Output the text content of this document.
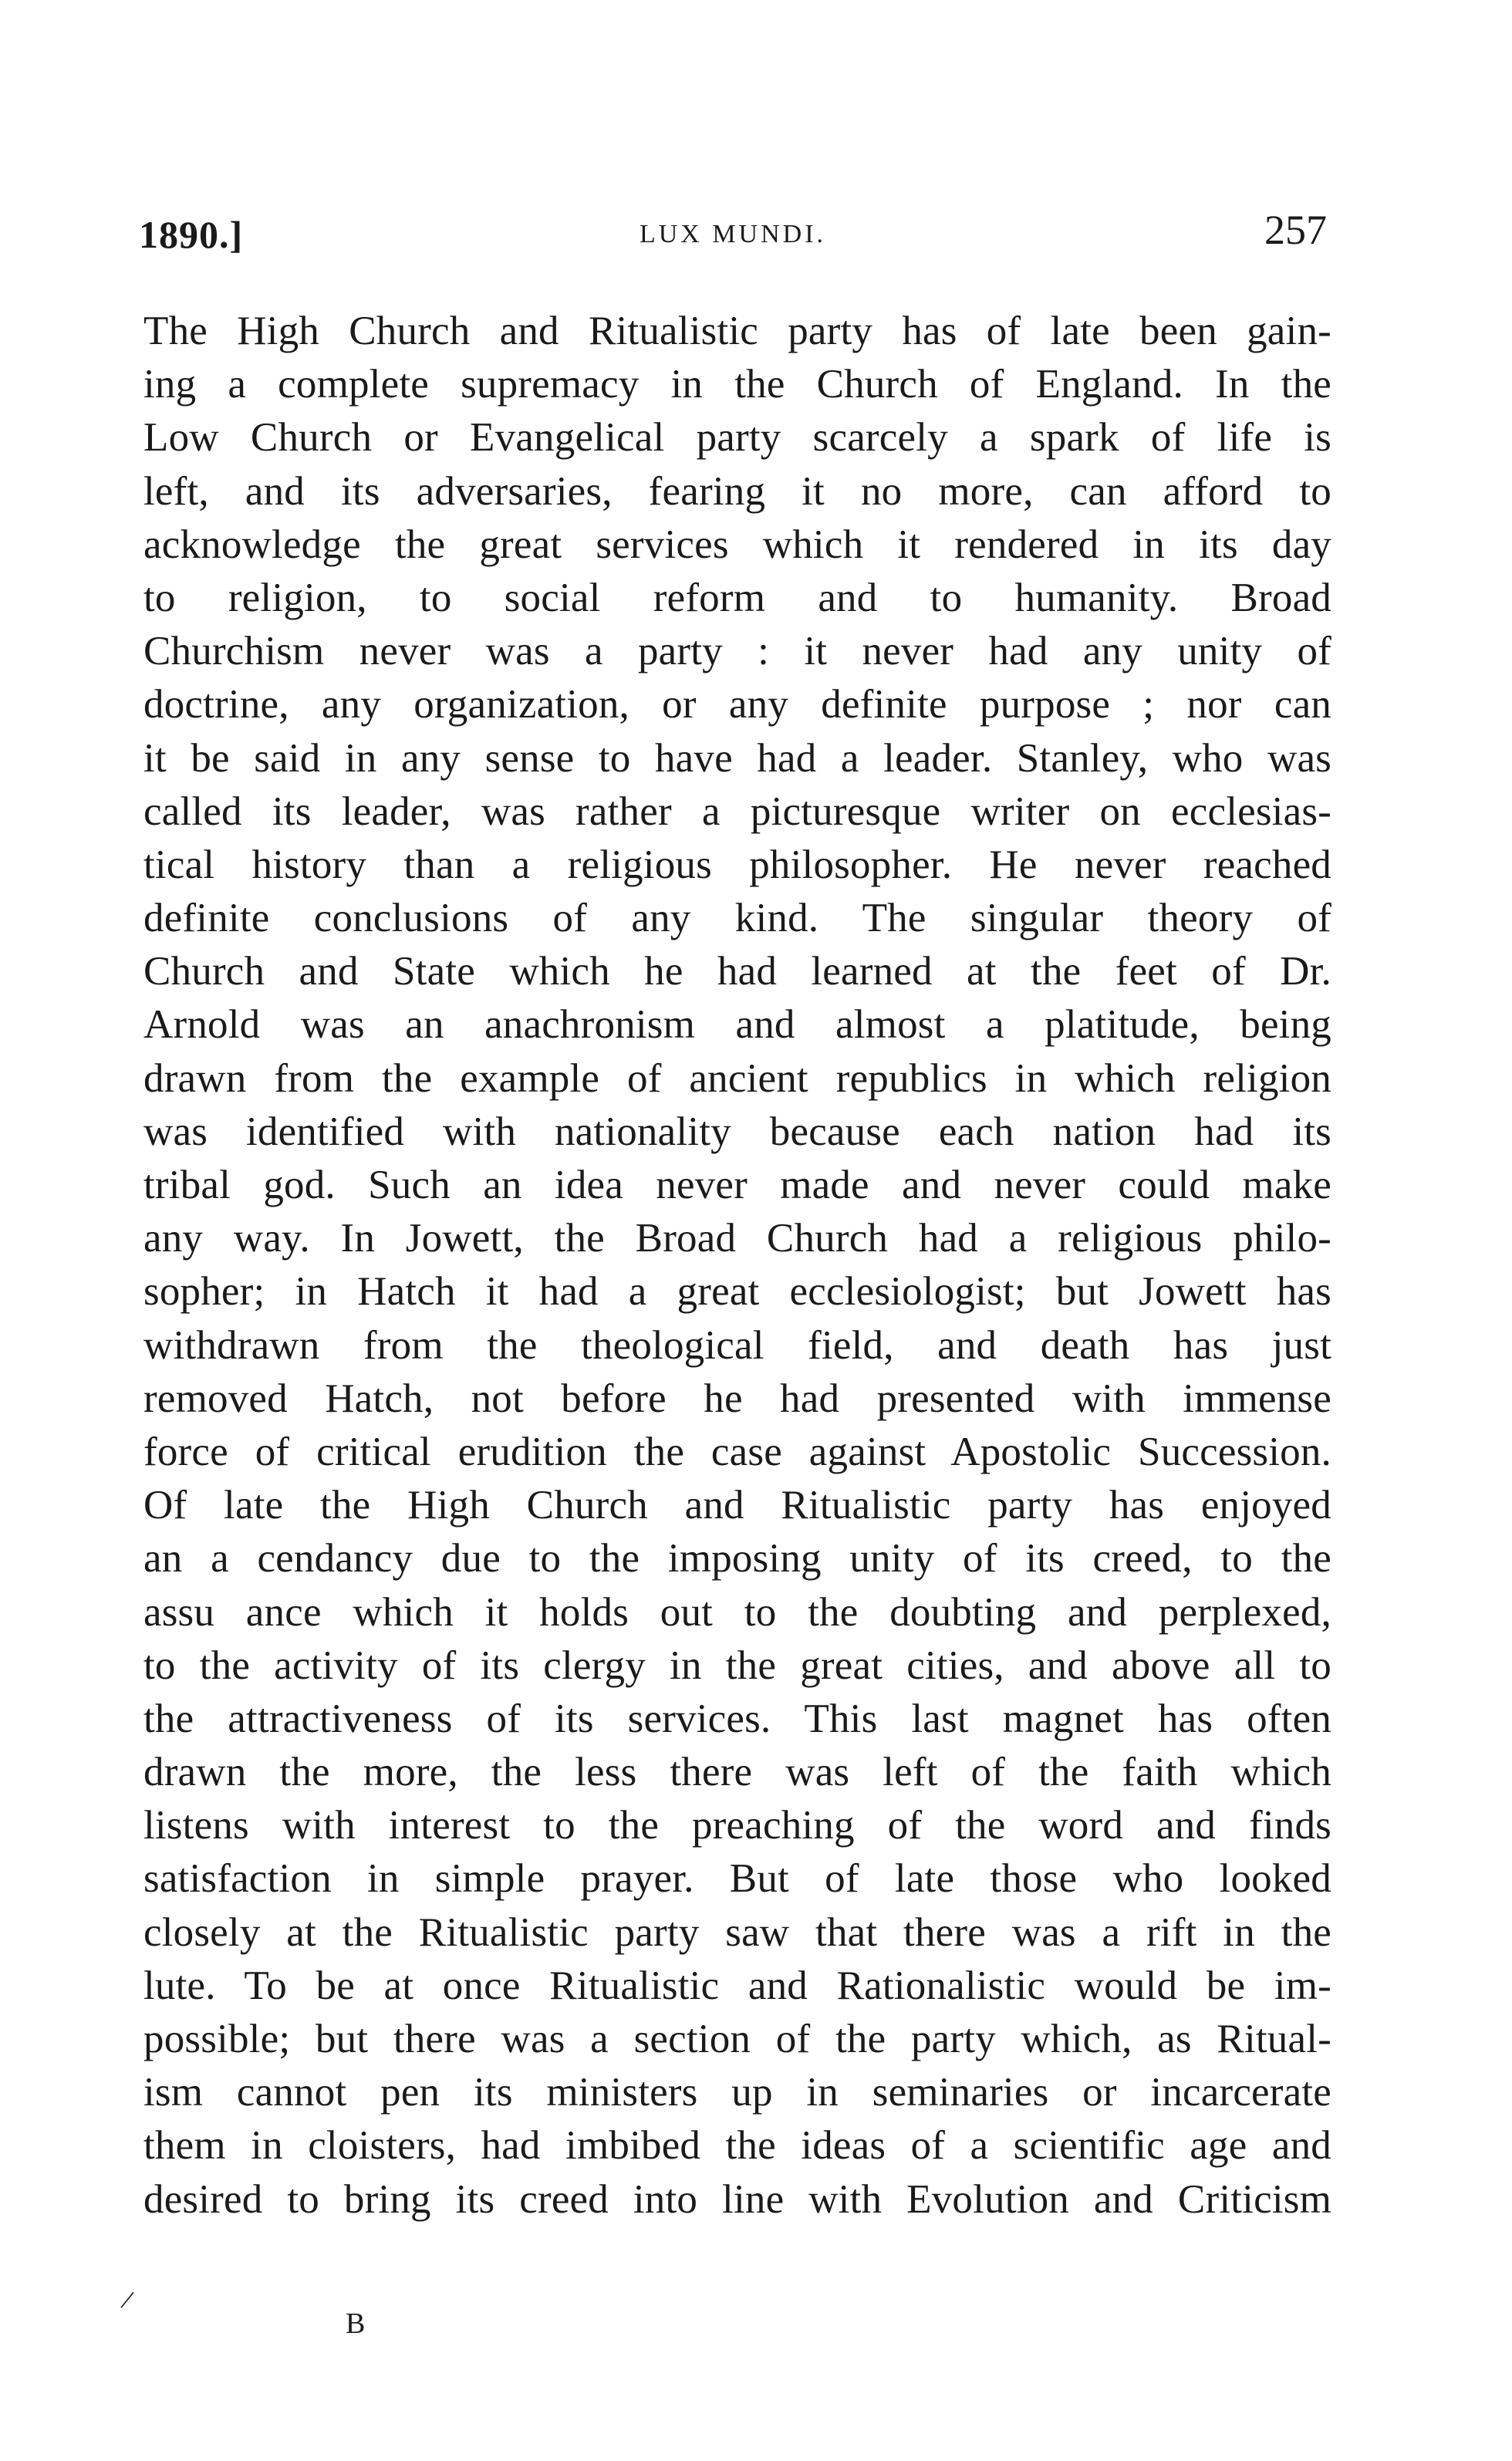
1890.]	LUX MUNDI.	257
The High Church and Ritualistic party has of late been gain-
ing a complete supremacy in the Church of England. In the
Low Church or Evangelical party scarcely a spark of life is
left, and its adversaries, fearing it no more, can afford to
acknowledge the great services which it rendered in its day
to religion, to social reform and to humanity. Broad
Churchism never was a party : it never had any unity of
doctrine, any organization, or any definite purpose ; nor can
it be said in any sense to have had a leader. Stanley, who was
called its leader, was rather a picturesque writer on ecclesias-
tical history than a religious philosopher. He never reached
definite conclusions of any kind. The singular theory of
Church and State which he had learned at the feet of Dr.
Arnold was an anachronism and almost a platitude, being
drawn from the example of ancient republics in which religion
was identified with nationality because each nation had its
tribal god. Such an idea never made and never could make
any way. In Jowett, the Broad Church had a religious philo-
sopher; in Hatch it had a great ecclesiologist; but Jowett has
withdrawn from the theological field, and death has just
removed Hatch, not before he had presented with immense
force of critical erudition the case against Apostolic Succession.
Of late the High Church and Ritualistic party has enjoyed
an a cendancy due to the imposing unity of its creed, to the
assu ance which it holds out to the doubting and perplexed,
to the activity of its clergy in the great cities, and above all to
the attractiveness of its services. This last magnet has often
drawn the more, the less there was left of the faith which
listens with interest to the preaching of the word and finds
satisfaction in simple prayer. But of late those who looked
closely at the Ritualistic party saw that there was a rift in the
lute. To be at once Ritualistic and Rationalistic would be im-
possible; but there was a section of the party which, as Ritual-
ism cannot pen its ministers up in seminaries or incarcerate
them in cloisters, had imbibed the ideas of a scientific age and
desired to bring its creed into line with Evolution and Criticism
/
B
